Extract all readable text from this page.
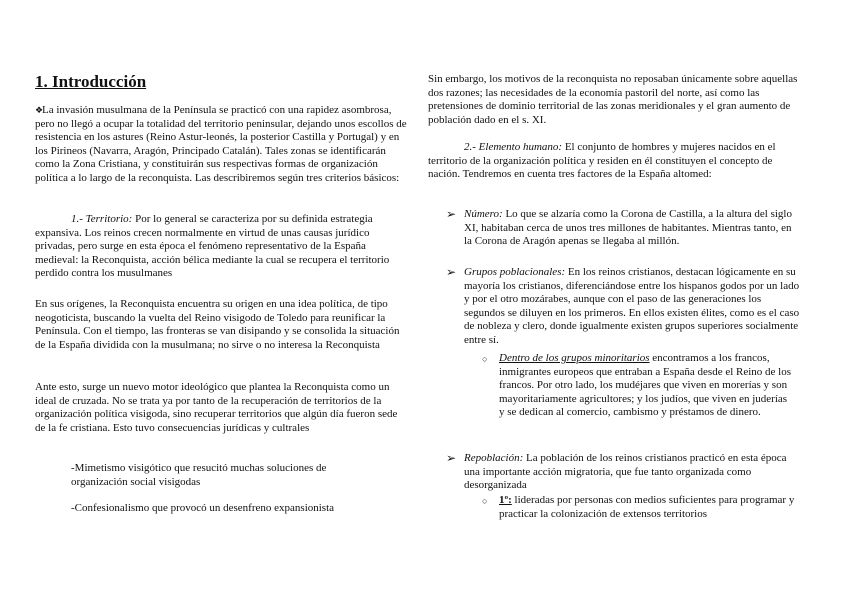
1. Introducción
❖La invasión musulmana de la Península se practicó con una rapidez asombrosa, pero no llegó a ocupar la totalidad del territorio peninsular, dejando unos escollos de resistencia en los astures (Reino Astur-leonés, la posterior Castilla y Portugal) y en los Pirineos (Navarra, Aragón, Principado Catalán). Tales zonas se identificarán como la Zona Cristiana, y constituirán sus respectivas formas de organización política a lo largo de la reconquista. Las describiremos según tres criterios básicos:
1.- Territorio: Por lo general se caracteriza por su definida estrategia expansiva. Los reinos crecen normalmente en virtud de unas causas jurídico privadas, pero surge en esta época el fenómeno representativo de la España medieval: la Reconquista, acción bélica mediante la cual se recupera el territorio perdido contra los musulmanes
En sus orígenes, la Reconquista encuentra su origen en una idea política, de tipo neogoticista, buscando la vuelta del Reino visigodo de Toledo para reunificar la Península. Con el tiempo, las fronteras se van disipando y se consolida la situación de la España dividida con la musulmana; no sirve o no interesa la Reconquista
Ante esto, surge un nuevo motor ideológico que plantea la Reconquista como un ideal de cruzada. No se trata ya por tanto de la recuperación de territorios de la organización política visigoda, sino recuperar territorios que algún día fueron sede de la fe cristiana. Esto tuvo consecuencias jurídicas y cultrales
-Mimetismo visigótico que resucitó muchas soluciones de organización social visigodas
-Confesionalismo que provocó un desenfreno expansionista
Sin embargo, los motivos de la reconquista no reposaban únicamente sobre aquellas dos razones; las necesidades de la economía pastoril del norte, así como las pretensiones de dominio territorial de las zonas meridionales y el gran aumento de población dado en el s. XI.
2.- Elemento humano: El conjunto de hombres y mujeres nacidos en el territorio de la organización política y residen en él constituyen el concepto de nación. Tendremos en cuenta tres factores de la España altomed:
➢ Número: Lo que se alzaría como la Corona de Castilla, a la altura del siglo XI, habitaban cerca de unos tres millones de habitantes. Mientras tanto, en la Corona de Aragón apenas se llegaba al millón.
➢ Grupos poblacionales: En los reinos cristianos, destacan lógicamente en su mayoría los cristianos, diferenciándose entre los hispanos godos por un lado y por el otro mozárabes, aunque con el paso de las generaciones los segundos se diluyen en los primeros. En ellos existen élites, como es el caso de nobleza y clero, donde igualmente existen grupos superiores socialmente entre sí.
○ Dentro de los grupos minoritarios encontramos a los francos, inmigrantes europeos que entraban a España desde el Reino de los francos. Por otro lado, los mudéjares que viven en morerías y son mayoritariamente agricultores; y los judíos, que viven en juderías y se dedican al comercio, cambismo y préstamos de dinero.
➢ Repoblación: La población de los reinos cristianos practicó en esta época una importante acción migratoria, que fue tanto organizada como desorganizada
○ 1º: lideradas por personas con medios suficientes para programar y practicar la colonización de extensos territorios
